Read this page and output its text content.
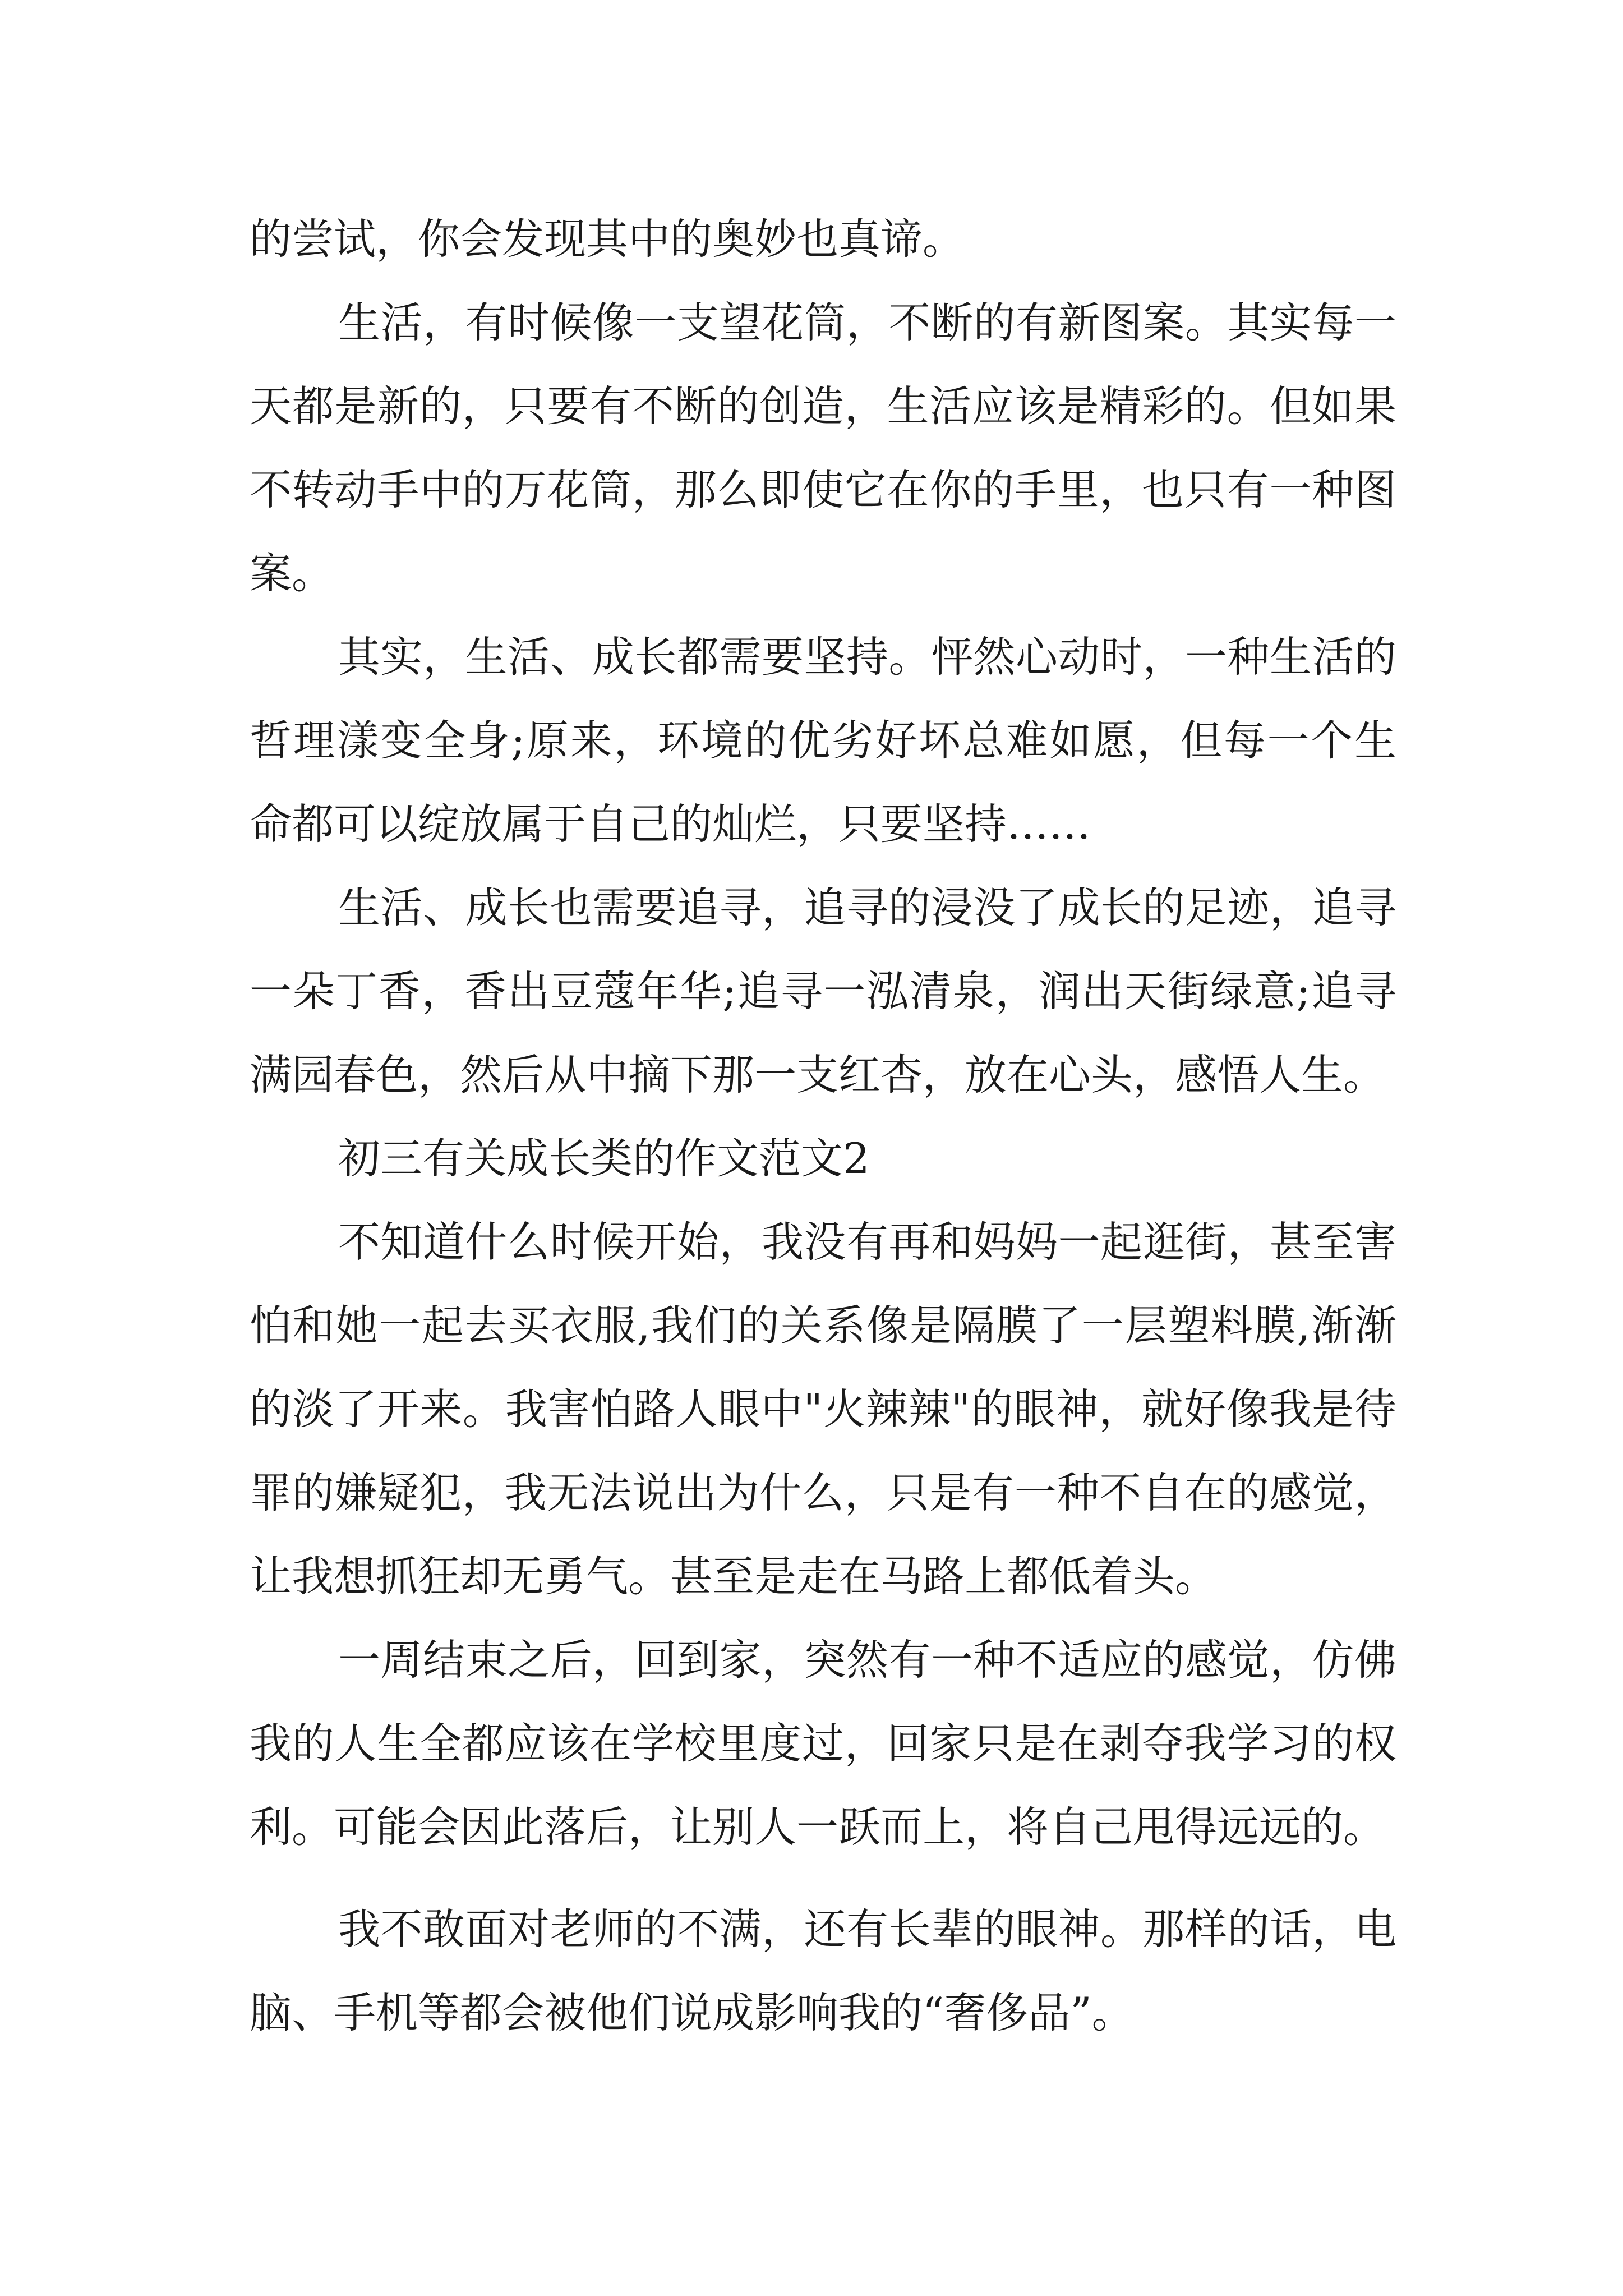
的尝试，你会发现其中的奥妙也真谛。

生活，有时候像一支望花筒，不断的有新图案。其实每一天都是新的，只要有不断的创造，生活应该是精彩的。但如果不转动手中的万花筒，那么即使它在你的手里，也只有一种图案。

其实，生活、成长都需要坚持。怦然心动时，一种生活的哲理漾变全身;原来，环境的优劣好坏总难如愿，但每一个生命都可以绽放属于自己的灿烂，只要坚持……

生活、成长也需要追寻，追寻的浸没了成长的足迹，追寻一朵丁香，香出豆蔻年华;追寻一泓清泉，润出天街绿意;追寻满园春色，然后从中摘下那一支红杏，放在心头，感悟人生。

初三有关成长类的作文范文2

不知道什么时候开始，我没有再和妈妈一起逛街，甚至害怕和她一起去买衣服,我们的关系像是隔膜了一层塑料膜,渐渐的淡了开来。我害怕路人眼中"火辣辣"的眼神，就好像我是待罪的嫌疑犯，我无法说出为什么，只是有一种不自在的感觉，让我想抓狂却无勇气。甚至是走在马路上都低着头。

一周结束之后，回到家，突然有一种不适应的感觉，仿佛我的人生全都应该在学校里度过，回家只是在剥夺我学习的权利。可能会因此落后，让别人一跃而上，将自己甩得远远的。

我不敢面对老师的不满，还有长辈的眼神。那样的话，电脑、手机等都会被他们说成影响我的“奢侈品”。
